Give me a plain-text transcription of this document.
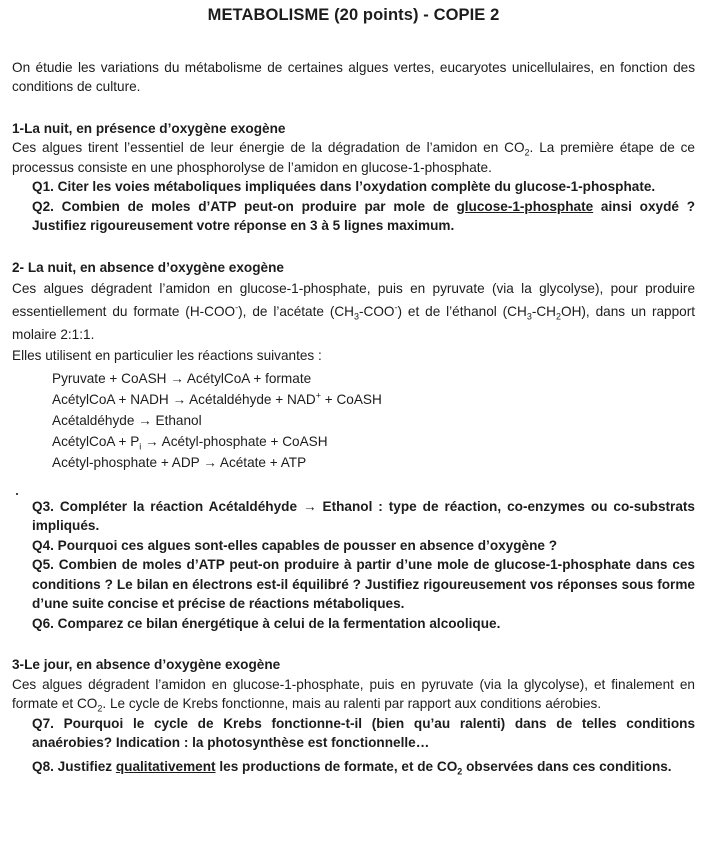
METABOLISME (20 points) - COPIE 2

On étudie les variations du métabolisme de certaines algues vertes, eucaryotes unicellulaires, en fonction des conditions de culture.

1-La nuit, en présence d’oxygène exogène

Ces algues tirent l’essentiel de leur énergie de la dégradation de l’amidon en $CO_2$. La première étape de ce processus consiste en une phosphorolyse de l’amidon en glucose-1-phosphate.

Q1. Citer les voies métaboliques impliquées dans l’oxydation complète du glucose-1-phosphate.

Q2. Combien de moles d’ATP peut-on produire par mole de glucose-1-phosphate ainsi oxydé ? Justifiez rigoureusement votre réponse en 3 à 5 lignes maximum.

2- La nuit, en absence d’oxygène exogène

Ces algues dégradent l’amidon en glucose-1-phosphate, puis en pyruvate (via la glycolyse), pour produire essentiellement du formate (H-COO-), de l’acétate $(CH_3-COO^-)$ et de l’éthanol $(CH_3-CH_2OH)$, dans un rapport molaire 2:1:1.

Elles utilisent en particulier les réactions suivantes :

Pyruvate + CoASH → AcétylCoA + formate
AcétylCoA + NADH → Acétaldéhyde + NAD+ + CoASH
Acétaldéhyde → Ethanol
AcétylCoA + $P_i$ → Acétyl-phosphate + CoASH
Acétyl-phosphate + ADP → Acétate + ATP

Q3. Compléter la réaction Acétaldéhyde → Ethanol : type de réaction, co-enzymes ou co-substrats impliqués.

Q4. Pourquoi ces algues sont-elles capables de pousser en absence d’oxygène ?

Q5. Combien de moles d’ATP peut-on produire à partir d’une mole de glucose-1-phosphate dans ces conditions ? Le bilan en électrons est-il équilibré ? Justifiez rigoureusement vos réponses sous forme d’une suite concise et précise de réactions métaboliques.

Q6. Comparez ce bilan énergétique à celui de la fermentation alcoolique.

3-Le jour, en absence d’oxygène exogène

Ces algues dégradent l’amidon en glucose-1-phosphate, puis en pyruvate (via la glycolyse), et finalement en formate et $CO_2$. Le cycle de Krebs fonctionne, mais au ralenti par rapport aux conditions aérobies.

Q7. Pourquoi le cycle de Krebs fonctionne-t-il (bien qu’au ralenti) dans de telles conditions anaérobies? Indication : la photosynthèse est fonctionnelle…

Q8. Justifiez qualitativement les productions de formate, et de $CO_2$ observées dans ces conditions.
